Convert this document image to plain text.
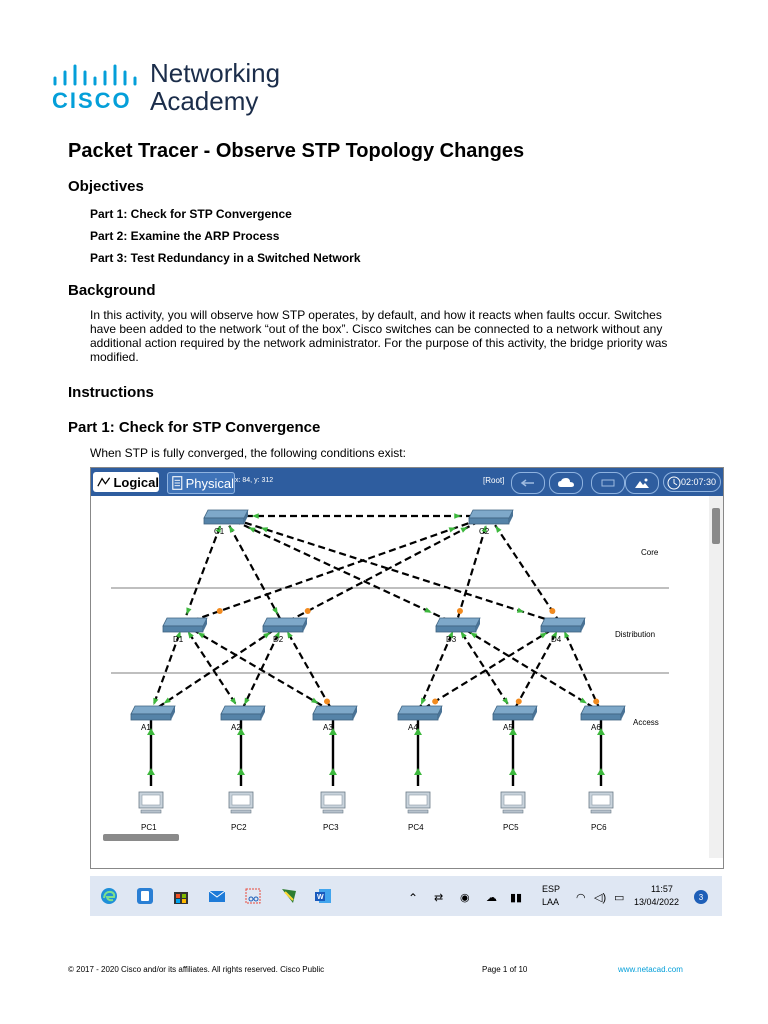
CISCO
Networking
Academy
Packet Tracer - Observe STP Topology Changes
Objectives

Part 1: Check for STP Convergence

Part 2: Examine the ARP Process

Part 3: Test Redundancy in a Switched Network

Background

In this activity, you will observe how STP operates, by default, and how it reacts when faults occur. Switches

have been added to the network “out of the box”. Cisco switches can be connected to a network without any

additional action required by the network administrator. For the purpose of this activity, the bridge priority was

modified.

Instructions
Part 1: Check for STP Convergence

When STP is fully converged, the following conditions exist:

Logical Physical x: 84, y: 312	[Root]	02:07:30
Core
Distribution
Access
C1	C2
D1	D2	D3	D4
A1	A2	A3	A4	A5	A6
PC1	PC2	PC3	PC4	PC5	PC6
W	⌃ ⇄ ◉ ☁ ▮▮
ESP
LAA ◠ ◁) ▭
11:57
13/04/2022 3
© 2017 - 2020 Cisco and/or its affiliates. All rights reserved. Cisco Public	Page 1 of 10	www.netacad.com
